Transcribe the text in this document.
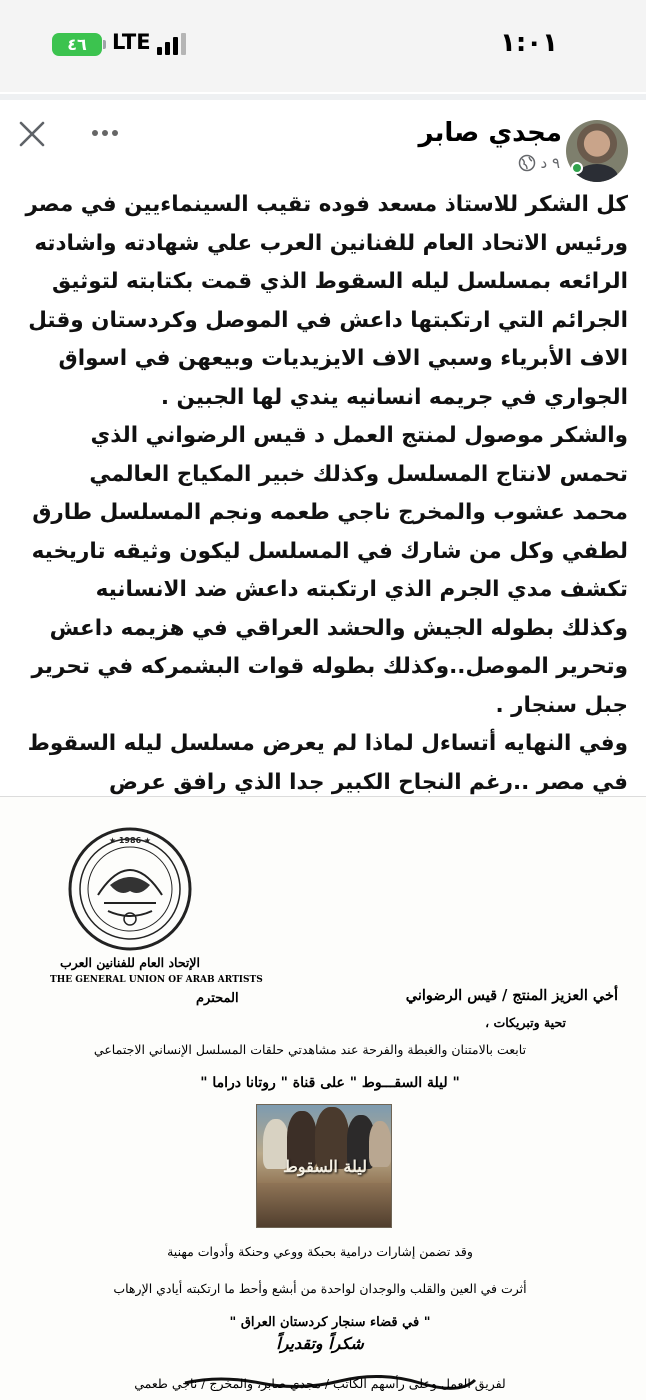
٤٦ LTE	١:٠١
مجدي صابر
٩ د

كل الشكر للاستاذ مسعد فوده تقيب السينماءيين في مصر

ورئيس الاتحاد العام للفنانين العرب علي شهادته واشادته

الرائعه بمسلسل ليله السقوط الذي قمت بكتابته لتوثيق

الجرائم التي ارتكبتها داعش في الموصل وكردستان وقتل

الاف الأبرياء وسبي الاف الايزيديات وبيعهن في اسواق

الجواري في جريمه انسانيه يندي لها الجبين .

والشكر موصول لمنتج العمل د قيس الرضواني الذي

تحمس لانتاج المسلسل وكذلك خبير المكياج العالمي

محمد عشوب والمخرج ناجي طعمه ونجم المسلسل طارق

لطفي وكل من شارك في المسلسل ليكون وثيقه تاريخيه

تكشف مدي الجرم الذي ارتكبته داعش ضد الانسانيه

وكذلك بطوله الجيش والحشد العراقي في هزيمه داعش

وتحرير الموصل..وكذلك بطوله قوات البشمركه في تحرير

جبل سنجار .

وفي النهايه أتساءل لماذا لم يعرض مسلسل ليله السقوط

في مصر ..رغم النجاح الكبير جدا الذي رافق عرض

★ 1986 ★
الإتحاد العام للفنانين العرب
THE GENERAL UNION OF ARAB ARTISTS
المحترم	أخي العزيز المنتج / قيس الرضواني
تحية وتبريكات ،
تابعت بالامتنان والغبطة والفرحة عند مشاهدتي حلقات المسلسل الإنساني الاجتماعي
" ليلة السقـــوط " على قناة " روتانا دراما "
ليلة السقوط
وقد تضمن إشارات درامية بحبكة ووعي وحنكة وأدوات مهنية
أثرت في العين والقلب والوجدان لواحدة من أبشع وأحط ما ارتكبته أيادي الإرهاب
" في قضاء سنجار كردستان العراق "
شكراً وتقديراً
لفريق العمل وعلى رأسهم الكاتب / مجدي صابر، والمخرج / ناجي طعمي
